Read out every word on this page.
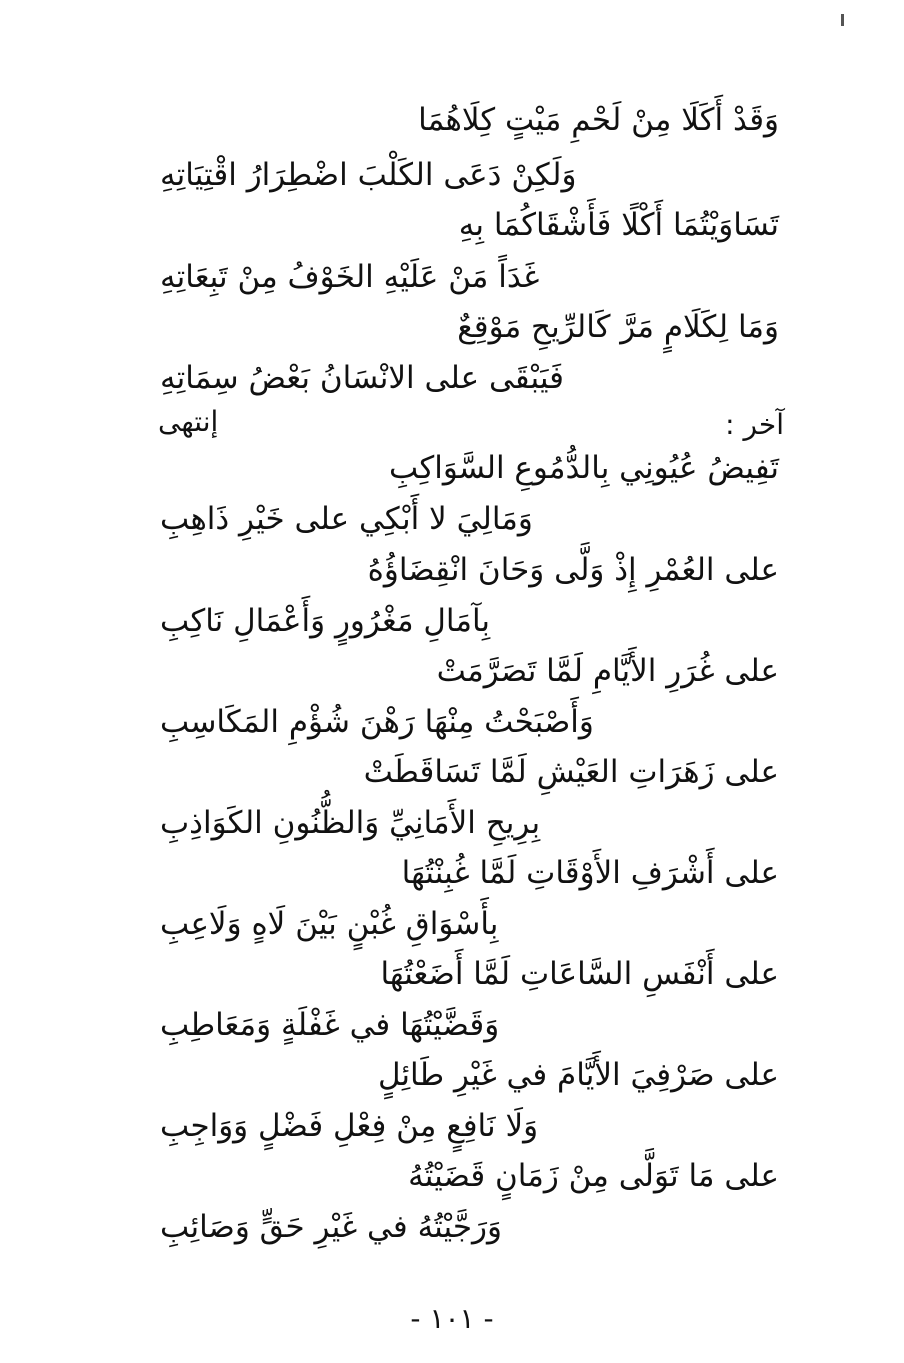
وَقَدْ أَكَلَا مِنْ لَحْمِ مَيْتٍ كِلَاهُمَا
وَلَكِنْ دَعَى الكَلْبَ اضْطِرَارُ اقْتِيَاتِهِ
تَسَاوَيْتُمَا أَكْلًا فَأَشْقَاكُمَا بِهِ
غَدَاً مَنْ عَلَيْهِ الخَوْفُ مِنْ تَبِعَاتِهِ
وَمَا لِكَلَامٍ مَرَّ كَالرِّيحِ مَوْقِعٌ
فَيَبْقَى على الانْسَانُ بَعْضُ سِمَاتِهِ
إنتهى	آخر :
تَفِيضُ عُيُونِي بِالدُّمُوعِ السَّوَاكِبِ
وَمَالِيَ لا أَبْكِي على خَيْرِ ذَاهِبِ
على العُمْرِ إِذْ وَلَّى وَحَانَ انْقِضَاؤُهُ
بِآمَالِ مَغْرُورٍ وَأَعْمَالِ نَاكِبِ
على غُرَرِ الأَيَّامِ لَمَّا تَصَرَّمَتْ
وَأَصْبَحْتُ مِنْهَا رَهْنَ شُؤْمِ المَكَاسِبِ
على زَهَرَاتِ العَيْشِ لَمَّا تَسَاقَطَتْ
بِرِيحِ الأَمَانِيِّ وَالظُّنُونِ الكَوَاذِبِ
على أَشْرَفِ الأَوْقَاتِ لَمَّا غُبِنْتُهَا
بِأَسْوَاقِ غُبْنٍ بَيْنَ لَاهٍ وَلَاعِبِ
على أَنْفَسِ السَّاعَاتِ لَمَّا أَضَعْتُهَا
وَقَضَّيْتُهَا في غَفْلَةٍ وَمَعَاطِبِ
على صَرْفِيَ الأَيَّامَ في غَيْرِ طَائِلٍ
وَلَا نَافِعٍ مِنْ فِعْلِ فَضْلٍ وَوَاجِبِ
على مَا تَوَلَّى مِنْ زَمَانٍ قَضَيْتُهُ
وَرَجَّيْتُهُ في غَيْرِ حَقٍّ وَصَائِبِ
- ١٠١ -
